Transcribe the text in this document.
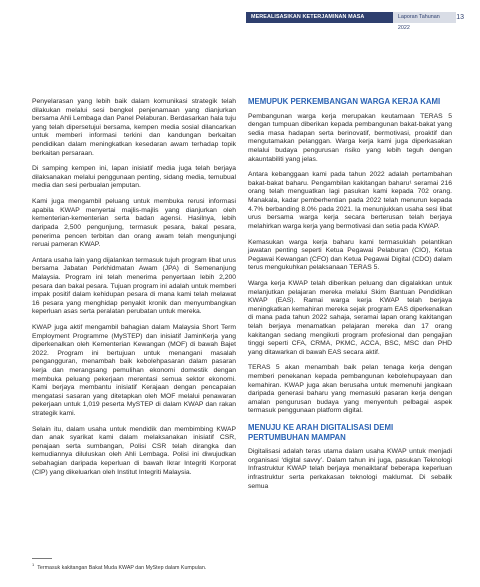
MEREALISASIKAN KETERJAMINAN MASA HADAPAN
Laporan Tahunan 2022
13

Penyelarasan yang lebih baik dalam komunikasi strategik telah dilakukan melalui sesi bengkel penjenamaan yang dianjurkan bersama Ahli Lembaga dan Panel Pelaburan. Berdasarkan hala tuju yang telah dipersetujui bersama, kempen media sosial dilancarkan untuk memberi informasi terkini dan kandungan berkaitan pendidikan dalam meningkatkan kesedaran awam terhadap topik berkaitan persaraan.

Di samping kempen ini, lapan inisiatif media juga telah berjaya dilaksanakan melalui penggunaan penting, sidang media, temubual media dan sesi perbualan jemputan.

Kami juga mengambil peluang untuk membuka rerusi informasi apabila KWAP menyertai majlis-majlis yang dianjurkan oleh kementerian-kementerian serta badan agensi. Hasilnya, lebih daripada 2,500 pengunjung, termasuk pesara, bakal pesara, penerima pencen terbitan dan orang awam telah mengunjungi reruai pameran KWAP.

Antara usaha lain yang dijalankan termasuk tujuh program libat urus bersama Jabatan Perkhidmatan Awam (JPA) di Semenanjung Malaysia. Program ini telah menerima penyertaan lebih 2,200 pesara dan bakal pesara. Tujuan program ini adalah untuk memberi impak positif dalam kehidupan pesara di mana kami telah melawat 16 pesara yang menghidap penyakit kronik dan menyumbangkan keperluan asas serta peralatan perubatan untuk mereka.

KWAP juga aktif mengambil bahagian dalam Malaysia Short Term Employment Programme (MySTEP) dan inisiatif JaminKerja yang diperkenalkan oleh Kementerian Kewangan (MOF) di bawah Bajet 2022. Program ini bertujuan untuk menangani masalah pengangguran, menambah baik kebolehpasaran dalam pasaran kerja dan merangsang pemulihan ekonomi domestik dengan membuka peluang pekerjaan merentasi semua sektor ekonomi. Kami berjaya membantu inisiatif Kerajaan dengan pencapaian mengatasi sasaran yang ditetapkan oleh MOF melalui penawaran pekerjaan untuk 1,019 peserta MySTEP di dalam KWAP dan rakan strategik kami.

Selain itu, dalam usaha untuk mendidik dan membimbing KWAP dan anak syarikat kami dalam melaksanakan inisiatif CSR, penajaan serta sumbangan, Polisi CSR telah dirangka dan kemudiannya diluluskan oleh Ahli Lembaga. Polisi ini diwujudkan sebahagian daripada keperluan di bawah Ikrar Integriti Korporat (CIP) yang dikeluarkan oleh Institut Integriti Malaysia.

MEMUPUK PERKEMBANGAN WARGA KERJA KAMI

Pembangunan warga kerja merupakan keutamaan TERAS 5 dengan tumpuan diberikan kepada pembangunan bakat-bakat yang sedia masa hadapan serta berinovatif, bermotivasi, proaktif dan mengutamakan pelanggan. Warga kerja kami juga diperkasakan melalui budaya pengurusan risiko yang lebih teguh dengan akauntabiliti yang jelas.

Antara kebanggaan kami pada tahun 2022 adalah pertambahan bakat-bakat baharu. Pengambilan kakitangan baharu¹ seramai 216 orang telah menguatkan lagi pasukan kami kepada 702 orang. Manakala, kadar pemberhentian pada 2022 telah menurun kepada 4.7% berbanding 8.0% pada 2021. Ia menunjukkan usaha sesi libat urus bersama warga kerja secara berterusan telah berjaya melahirkan warga kerja yang bermotivasi dan setia pada KWAP.

Kemasukan warga kerja baharu kami termasuklah pelantikan jawatan penting seperti Ketua Pegawai Pelaburan (CIO), Ketua Pegawai Kewangan (CFO) dan Ketua Pegawai Digital (CDO) dalam terus mengukuhkan pelaksanaan TERAS 5.

Warga kerja KWAP telah diberikan peluang dan digalakkan untuk melanjutkan pelajaran mereka melalui Skim Bantuan Pendidikan KWAP (EAS). Ramai warga kerja KWAP telah berjaya meningkatkan kemahiran mereka sejak program EAS diperkenalkan di mana pada tahun 2022 sahaja, seramai lapan orang kakitangan telah berjaya menamatkan pelajaran mereka dan 17 orang kakitangan sedang mengikuti program profesional dan pengajian tinggi seperti CFA, CRMA, PKMC, ACCA, BSC, MSC dan PHD yang ditawarkan di bawah EAS secara aktif.

TERAS 5 akan menambah baik pelan tenaga kerja dengan memberi penekanan kepada pembangunan kebolehupayaan dan kemahiran. KWAP juga akan berusaha untuk memenuhi jangkaan daripada generasi baharu yang memasuki pasaran kerja dengan amalan pengurusan budaya yang menyentuh pelbagai aspek termasuk penggunaan platform digital.

MENUJU KE ARAH DIGITALISASI DEMI PERTUMBUHAN MAMPAN

Digitalisasi adalah teras utama dalam usaha KWAP untuk menjadi organisasi ‘digital savvy’. Dalam tahun ini juga, pasukan Teknologi Infrastruktur KWAP telah berjaya menaiktaraf beberapa keperluan infrastruktur serta perkakasan teknologi maklumat. Di sebalik semua

$^1$Termasuk kakitangan Bakat Muda KWAP dan MyStep dalam Kumpulan.
